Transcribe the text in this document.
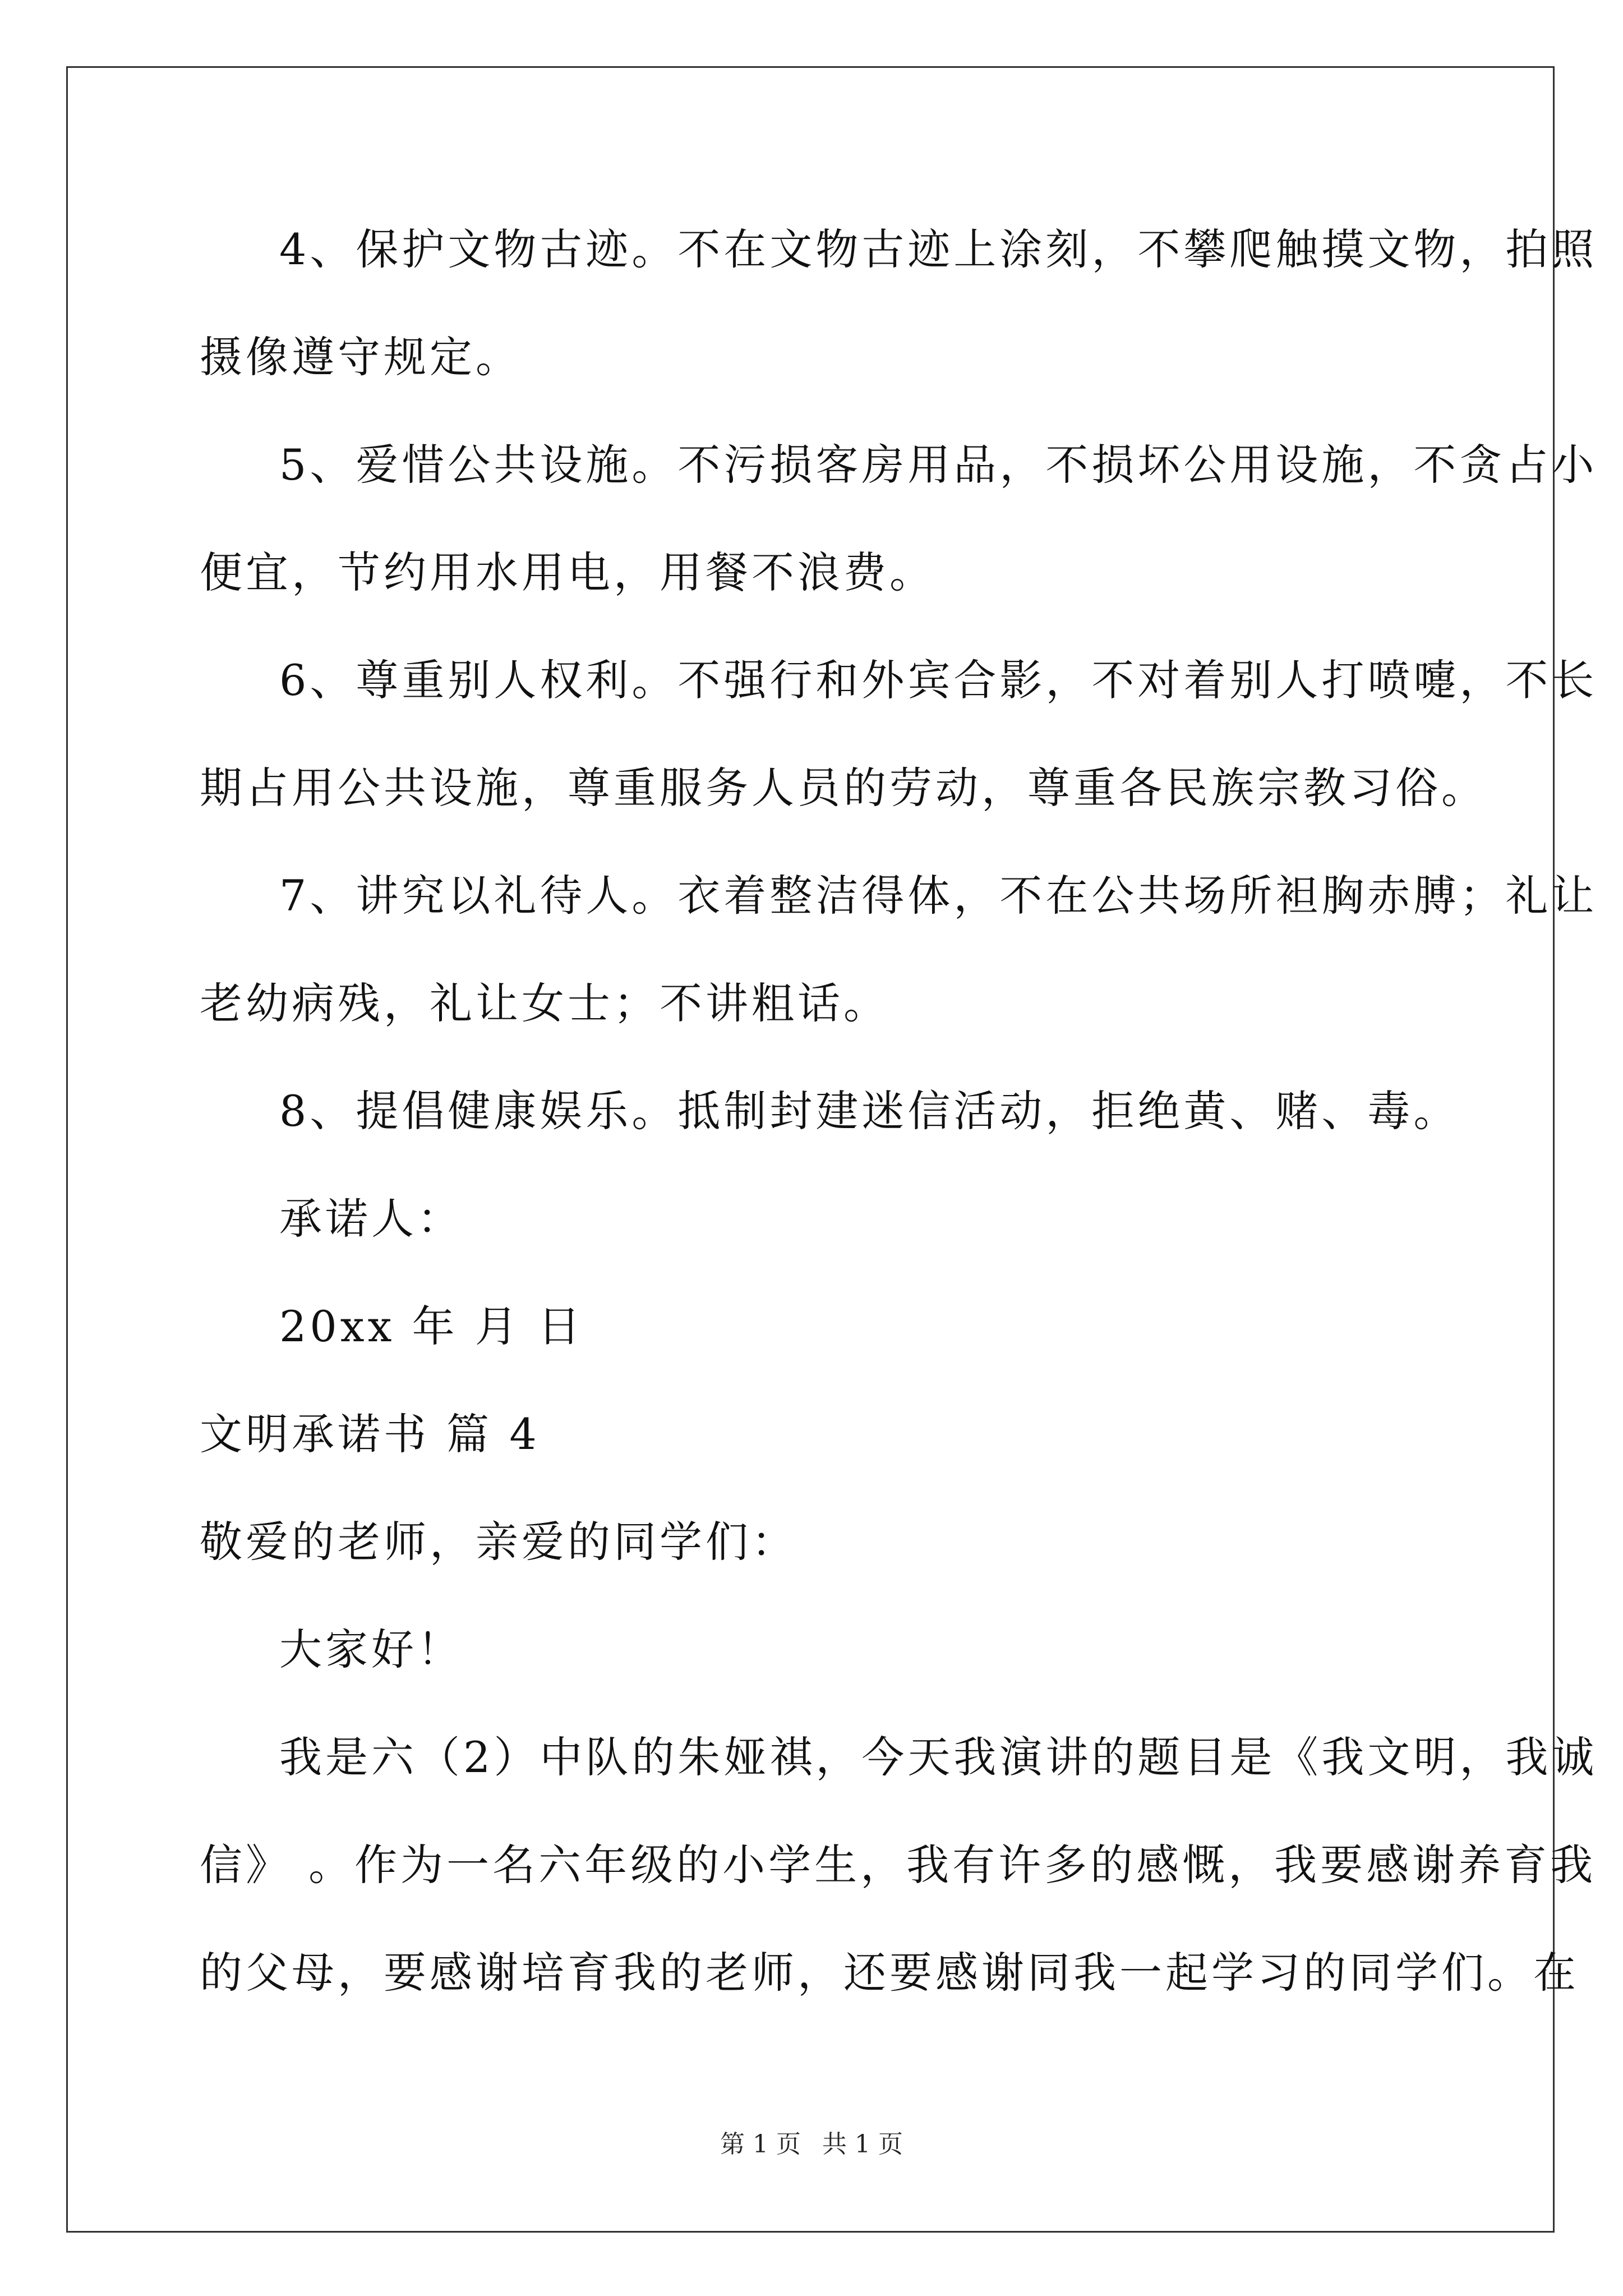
4、保护文物古迹。不在文物古迹上涂刻，不攀爬触摸文物，拍照
摄像遵守规定。
5、爱惜公共设施。不污损客房用品，不损坏公用设施，不贪占小
便宜，节约用水用电，用餐不浪费。
6、尊重别人权利。不强行和外宾合影，不对着别人打喷嚏，不长
期占用公共设施，尊重服务人员的劳动，尊重各民族宗教习俗。
7、讲究以礼待人。衣着整洁得体，不在公共场所袒胸赤膊；礼让
老幼病残，礼让女士；不讲粗话。
8、提倡健康娱乐。抵制封建迷信活动，拒绝黄、赌、毒。
承诺人：
20xx 年 月 日
文明承诺书 篇 4
敬爱的老师，亲爱的同学们：
大家好！
我是六（2）中队的朱娅祺，今天我演讲的题目是《我文明，我诚
信》 。作为一名六年级的小学生，我有许多的感慨，我要感谢养育我
的父母，要感谢培育我的老师，还要感谢同我一起学习的同学们。在
第 1 页 共 1 页
